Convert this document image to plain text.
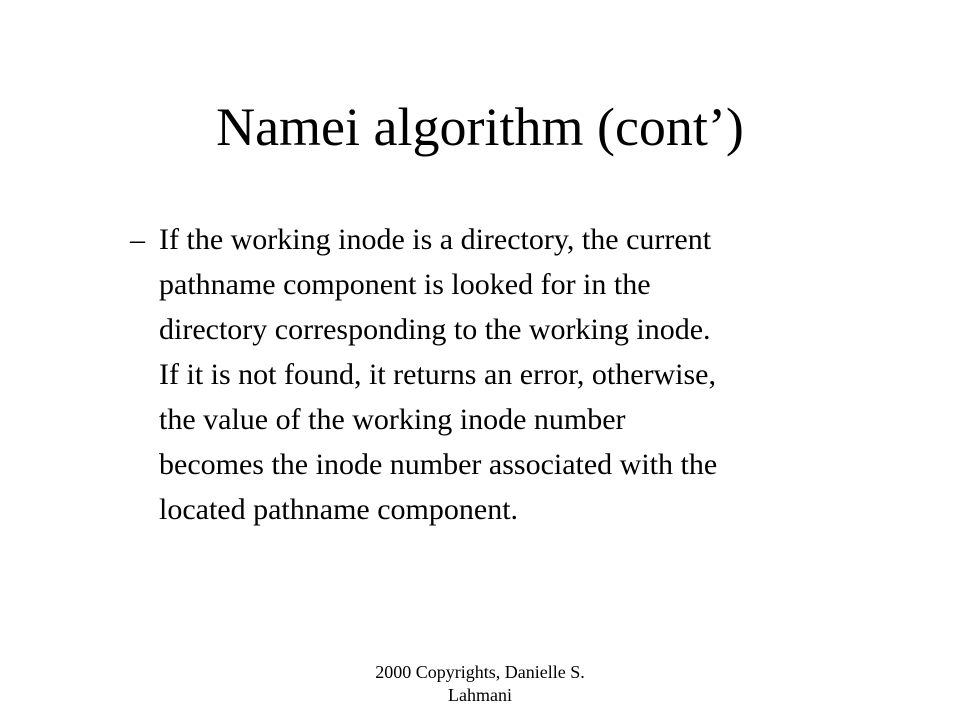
Namei algorithm (cont’)
– If the working inode is a directory, the current
pathname component is looked for in the
directory corresponding to the working inode.
If it is not found, it returns an error, otherwise,
the value of the working inode number
becomes the inode number associated with the
located pathname component.
2000 Copyrights, Danielle S.
Lahmani
